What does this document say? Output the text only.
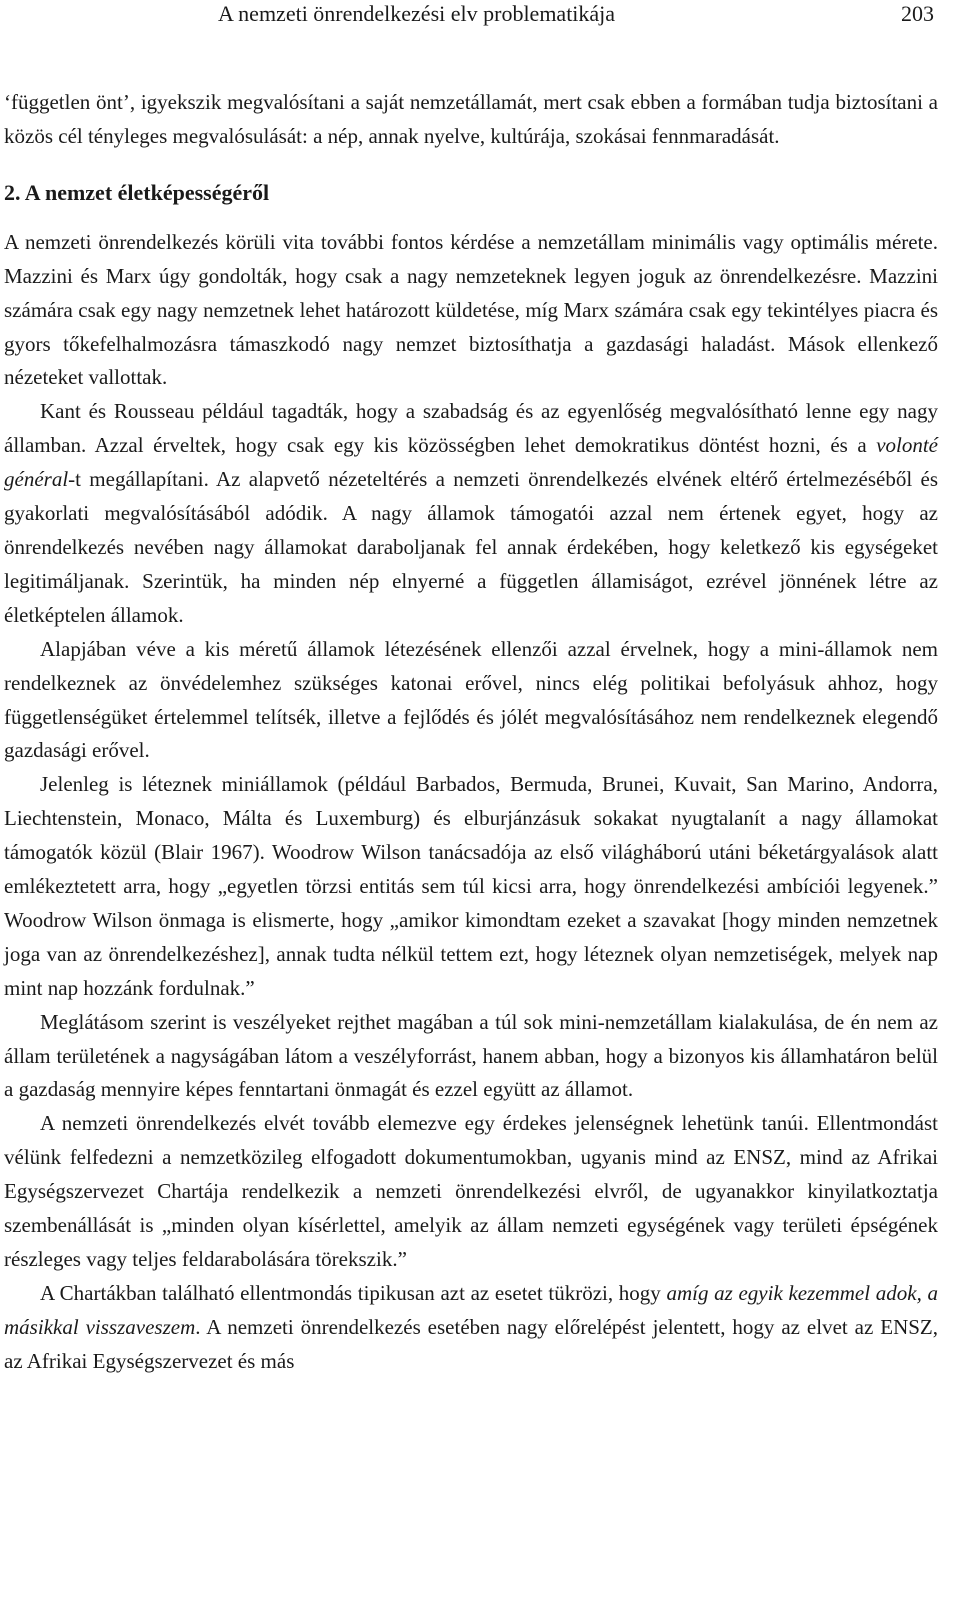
A nemzeti önrendelkezési elv problematikája	203

‘független önt’, igyekszik megvalósítani a saját nemzetállamát, mert csak ebben a formában tudja biztosítani a közös cél tényleges megvalósulását: a nép, annak nyelve, kultúrája, szokásai fennmaradását.

2. A nemzet életképességéről

A nemzeti önrendelkezés körüli vita további fontos kérdése a nemzetállam minimális vagy optimális mérete. Mazzini és Marx úgy gondolták, hogy csak a nagy nemzeteknek legyen joguk az önrendelkezésre. Mazzini számára csak egy nagy nemzetnek lehet határozott küldetése, míg Marx számára csak egy tekintélyes piacra és gyors tőkefelhalmozásra támaszkodó nagy nemzet biztosíthatja a gazdasági haladást. Mások ellenkező nézeteket vallottak.

Kant és Rousseau például tagadták, hogy a szabadság és az egyenlőség megvalósítható lenne egy nagy államban. Azzal érveltek, hogy csak egy kis közösségben lehet demokratikus döntést hozni, és a volonté général-t megállapítani. Az alapvető nézeteltérés a nemzeti önrendelkezés elvének eltérő értelmezéséből és gyakorlati megvalósításából adódik. A nagy államok támogatói azzal nem értenek egyet, hogy az önrendelkezés nevében nagy államokat daraboljanak fel annak érdekében, hogy keletkező kis egységeket legitimáljanak. Szerintük, ha minden nép elnyerné a független államiságot, ezrével jönnének létre az életképtelen államok.

Alapjában véve a kis méretű államok létezésének ellenzői azzal érvelnek, hogy a mini-államok nem rendelkeznek az önvédelemhez szükséges katonai erővel, nincs elég politikai befolyásuk ahhoz, hogy függetlenségüket értelemmel telítsék, illetve a fejlődés és jólét megvalósításához nem rendelkeznek elegendő gazdasági erővel.

Jelenleg is léteznek miniállamok (például Barbados, Bermuda, Brunei, Kuvait, San Marino, Andorra, Liechtenstein, Monaco, Málta és Luxemburg) és elburjánzásuk sokakat nyugtalanít a nagy államokat támogatók közül (Blair 1967). Woodrow Wilson tanácsadója az első világháború utáni béketárgyalások alatt emlékeztetett arra, hogy „egyetlen törzsi entitás sem túl kicsi arra, hogy önrendelkezési ambíciói legyenek.” Woodrow Wilson önmaga is elismerte, hogy „amikor kimondtam ezeket a szavakat [hogy minden nemzetnek joga van az önrendelkezéshez], annak tudta nélkül tettem ezt, hogy léteznek olyan nemzetiségek, melyek nap mint nap hozzánk fordulnak.”

Meglátásom szerint is veszélyeket rejthet magában a túl sok mini-nemzetállam kialakulása, de én nem az állam területének a nagyságában látom a veszélyforrást, hanem abban, hogy a bizonyos kis államhatáron belül a gazdaság mennyire képes fenntartani önmagát és ezzel együtt az államot.

A nemzeti önrendelkezés elvét tovább elemezve egy érdekes jelenségnek lehetünk tanúi. Ellentmondást vélünk felfedezni a nemzetközileg elfogadott dokumentumokban, ugyanis mind az ENSZ, mind az Afrikai Egységszervezet Chartája rendelkezik a nemzeti önrendelkezési elvről, de ugyanakkor kinyilatkoztatja szembenállását is „minden olyan kísérlettel, amelyik az állam nemzeti egységének vagy területi épségének részleges vagy teljes feldarabolására törekszik.”

A Chartákban található ellentmondás tipikusan azt az esetet tükrözi, hogy amíg az egyik kezemmel adok, a másikkal visszaveszem. A nemzeti önrendelkezés esetében nagy előrelépést jelentett, hogy az elvet az ENSZ, az Afrikai Egységszervezet és más
